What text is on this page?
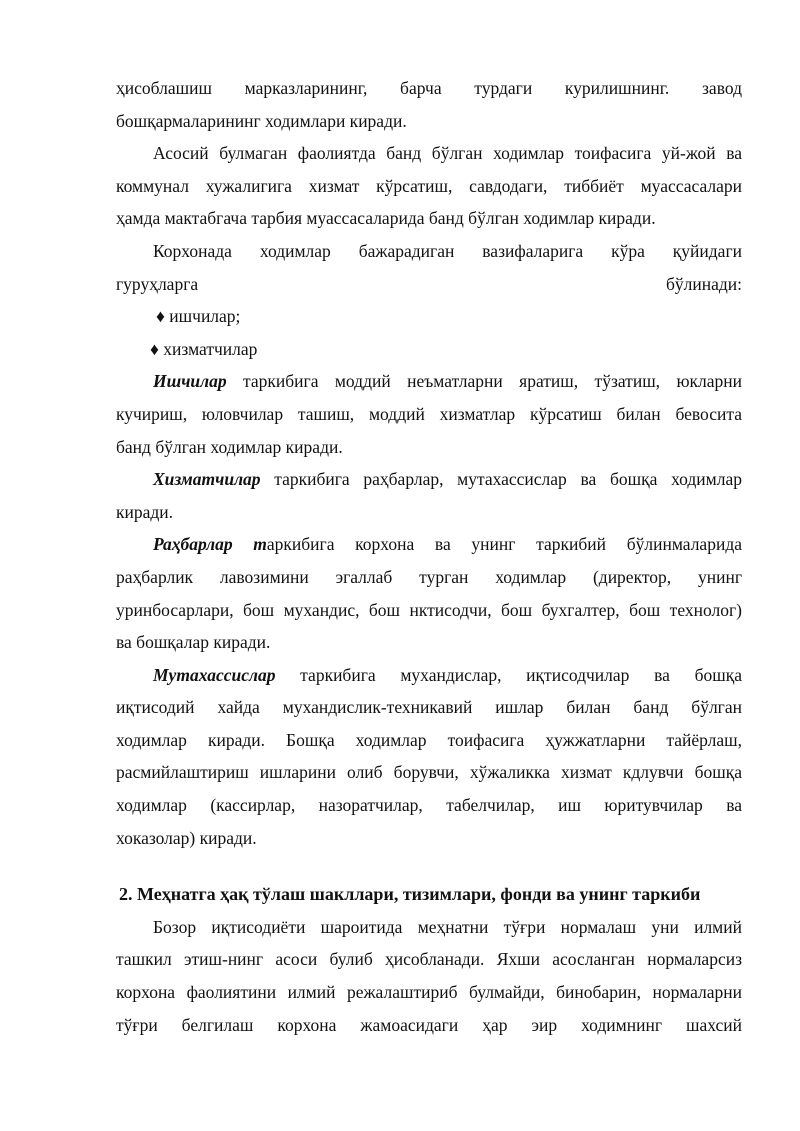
ҳисоблашиш марказларининг, барча турдаги курилишнинг. завод
бошқармаларининг ходимлари киради.
Асосий булмаган фаолиятда банд бўлган ходимлар тоифасига уй-жой ва
коммунал хужалигига хизмат кўрсатиш, савдодаги, тиббиёт муассасалари
ҳамда мактабгача тарбия муассасаларида банд бўлган ходимлар киради.
Корхонада ходимлар бажарадиган вазифаларига кўра қуйидаги
гуруҳларга	бўлинади:
♦ ишчилар;
♦ хизматчилар
Ишчилар таркибига моддий неъматларни яратиш, тўзатиш, юкларни
кучириш, юловчилар ташиш, моддий хизматлар кўрсатиш билан бевосита
банд бўлган ходимлар киради.
Хизматчилар таркибига раҳбарлар, мутахассислар ва бошқа ходимлар
киради.
Раҳбарлар таркибига корхона ва унинг таркибий бўлинмаларида
раҳбарлик лавозимини эгаллаб турган ходимлар (директор, унинг
уринбосарлари, бош мухандис, бош нктисодчи, бош бухгалтер, бош технолог)
ва бошқалар киради.
Мутахассислар таркибига мухандислар, иқтисодчилар ва бошқа
иқтисодий хайда мухандислик-техникавий ишлар билан банд бўлган
ходимлар киради. Бошқа ходимлар тоифасига ҳужжатларни тайёрлаш,
расмийлаштириш ишларини олиб борувчи, хўжаликка хизмат кдлувчи бошқа
ходимлар (кассирлар, назоратчилар, табелчилар, иш юритувчилар ва
хоказолар) киради.
2. Меҳнатга ҳақ тўлаш шакллари, тизимлари, фонди ва унинг таркиби
Бозор иқтисодиёти шароитида меҳнатни тўғри нормалаш уни илмий
ташкил этиш-нинг асоси булиб ҳисобланади. Яхши асосланган нормаларсиз
корхона фаолиятини илмий режалаштириб булмайди, бинобарин, нормаларни
тўғри белгилаш корхона жамоасидаги ҳар эир ходимнинг шахсий
